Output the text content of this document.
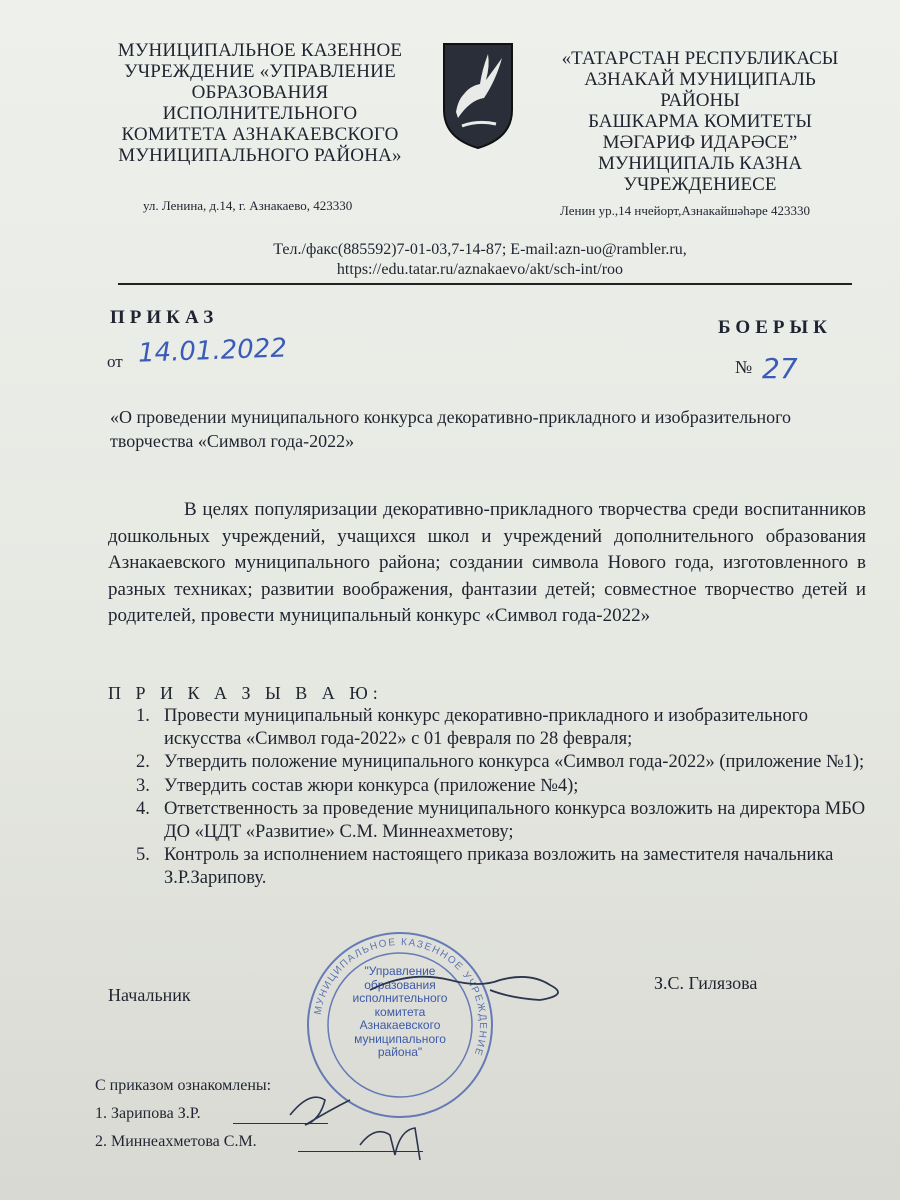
МУНИЦИПАЛЬНОЕ КАЗЕННОЕ
УЧРЕЖДЕНИЕ «УПРАВЛЕНИЕ
ОБРАЗОВАНИЯ
ИСПОЛНИТЕЛЬНОГО
КОМИТЕТА АЗНАКАЕВСКОГО
МУНИЦИПАЛЬНОГО РАЙОНА»
ул. Ленина, д.14, г. Азнакаево, 423330
«ТАТАРСТАН РЕСПУБЛИКАСЫ
АЗНАКАЙ МУНИЦИПАЛЬ
РАЙОНЫ
БАШКАРМА КОМИТЕТЫ
МӘГАРИФ ИДАРӘСЕ”
МУНИЦИПАЛЬ КАЗНА
УЧРЕЖДЕНИЕСЕ
Ленин ур.,14 нчейорт,Азнакайшәһәре 423330
Тел./факс(885592)7-01-03,7-14-87; E-mail:azn-uo@rambler.ru,
https://edu.tatar.ru/aznakaevo/akt/sch-int/roo
ПРИКАЗ	БОЕРЫК
от 14.01.2022	№ 27
«О проведении муниципального конкурса декоративно-прикладного и изобразительного творчества «Символ года-2022»
В целях популяризации декоративно-прикладного творчества среди воспитанников дошкольных учреждений, учащихся школ и учреждений дополнительного образования Азнакаевского муниципального района; создании символа Нового года, изготовленного в разных техниках; развитии воображения, фантазии детей; совместное творчество детей и родителей, провести муниципальный конкурс «Символ года-2022»
П Р И К А З Ы В А Ю:
1. Провести муниципальный конкурс декоративно-прикладного и изобразительного искусства «Символ года-2022» с 01 февраля по 28 февраля;
2. Утвердить положение муниципального конкурса «Символ года-2022» (приложение №1);
3. Утвердить состав жюри конкурса (приложение №4);
4. Ответственность за проведение муниципального конкурса возложить на директора МБО ДО «ЦДТ «Развитие» С.М. Миннеахметову;
5. Контроль за исполнением настоящего приказа возложить на заместителя начальника З.Р.Зарипову.
Начальник
З.С. Гилязова
МУНИЦИПАЛЬНОЕ КАЗЕННОЕ УЧРЕЖДЕНИЕ
"Управление
образования
исполнительного
комитета
Азнакаевского
муниципального
района"
С приказом ознакомлены:
1. Зарипова З.Р.
2. Миннеахметова С.М.
